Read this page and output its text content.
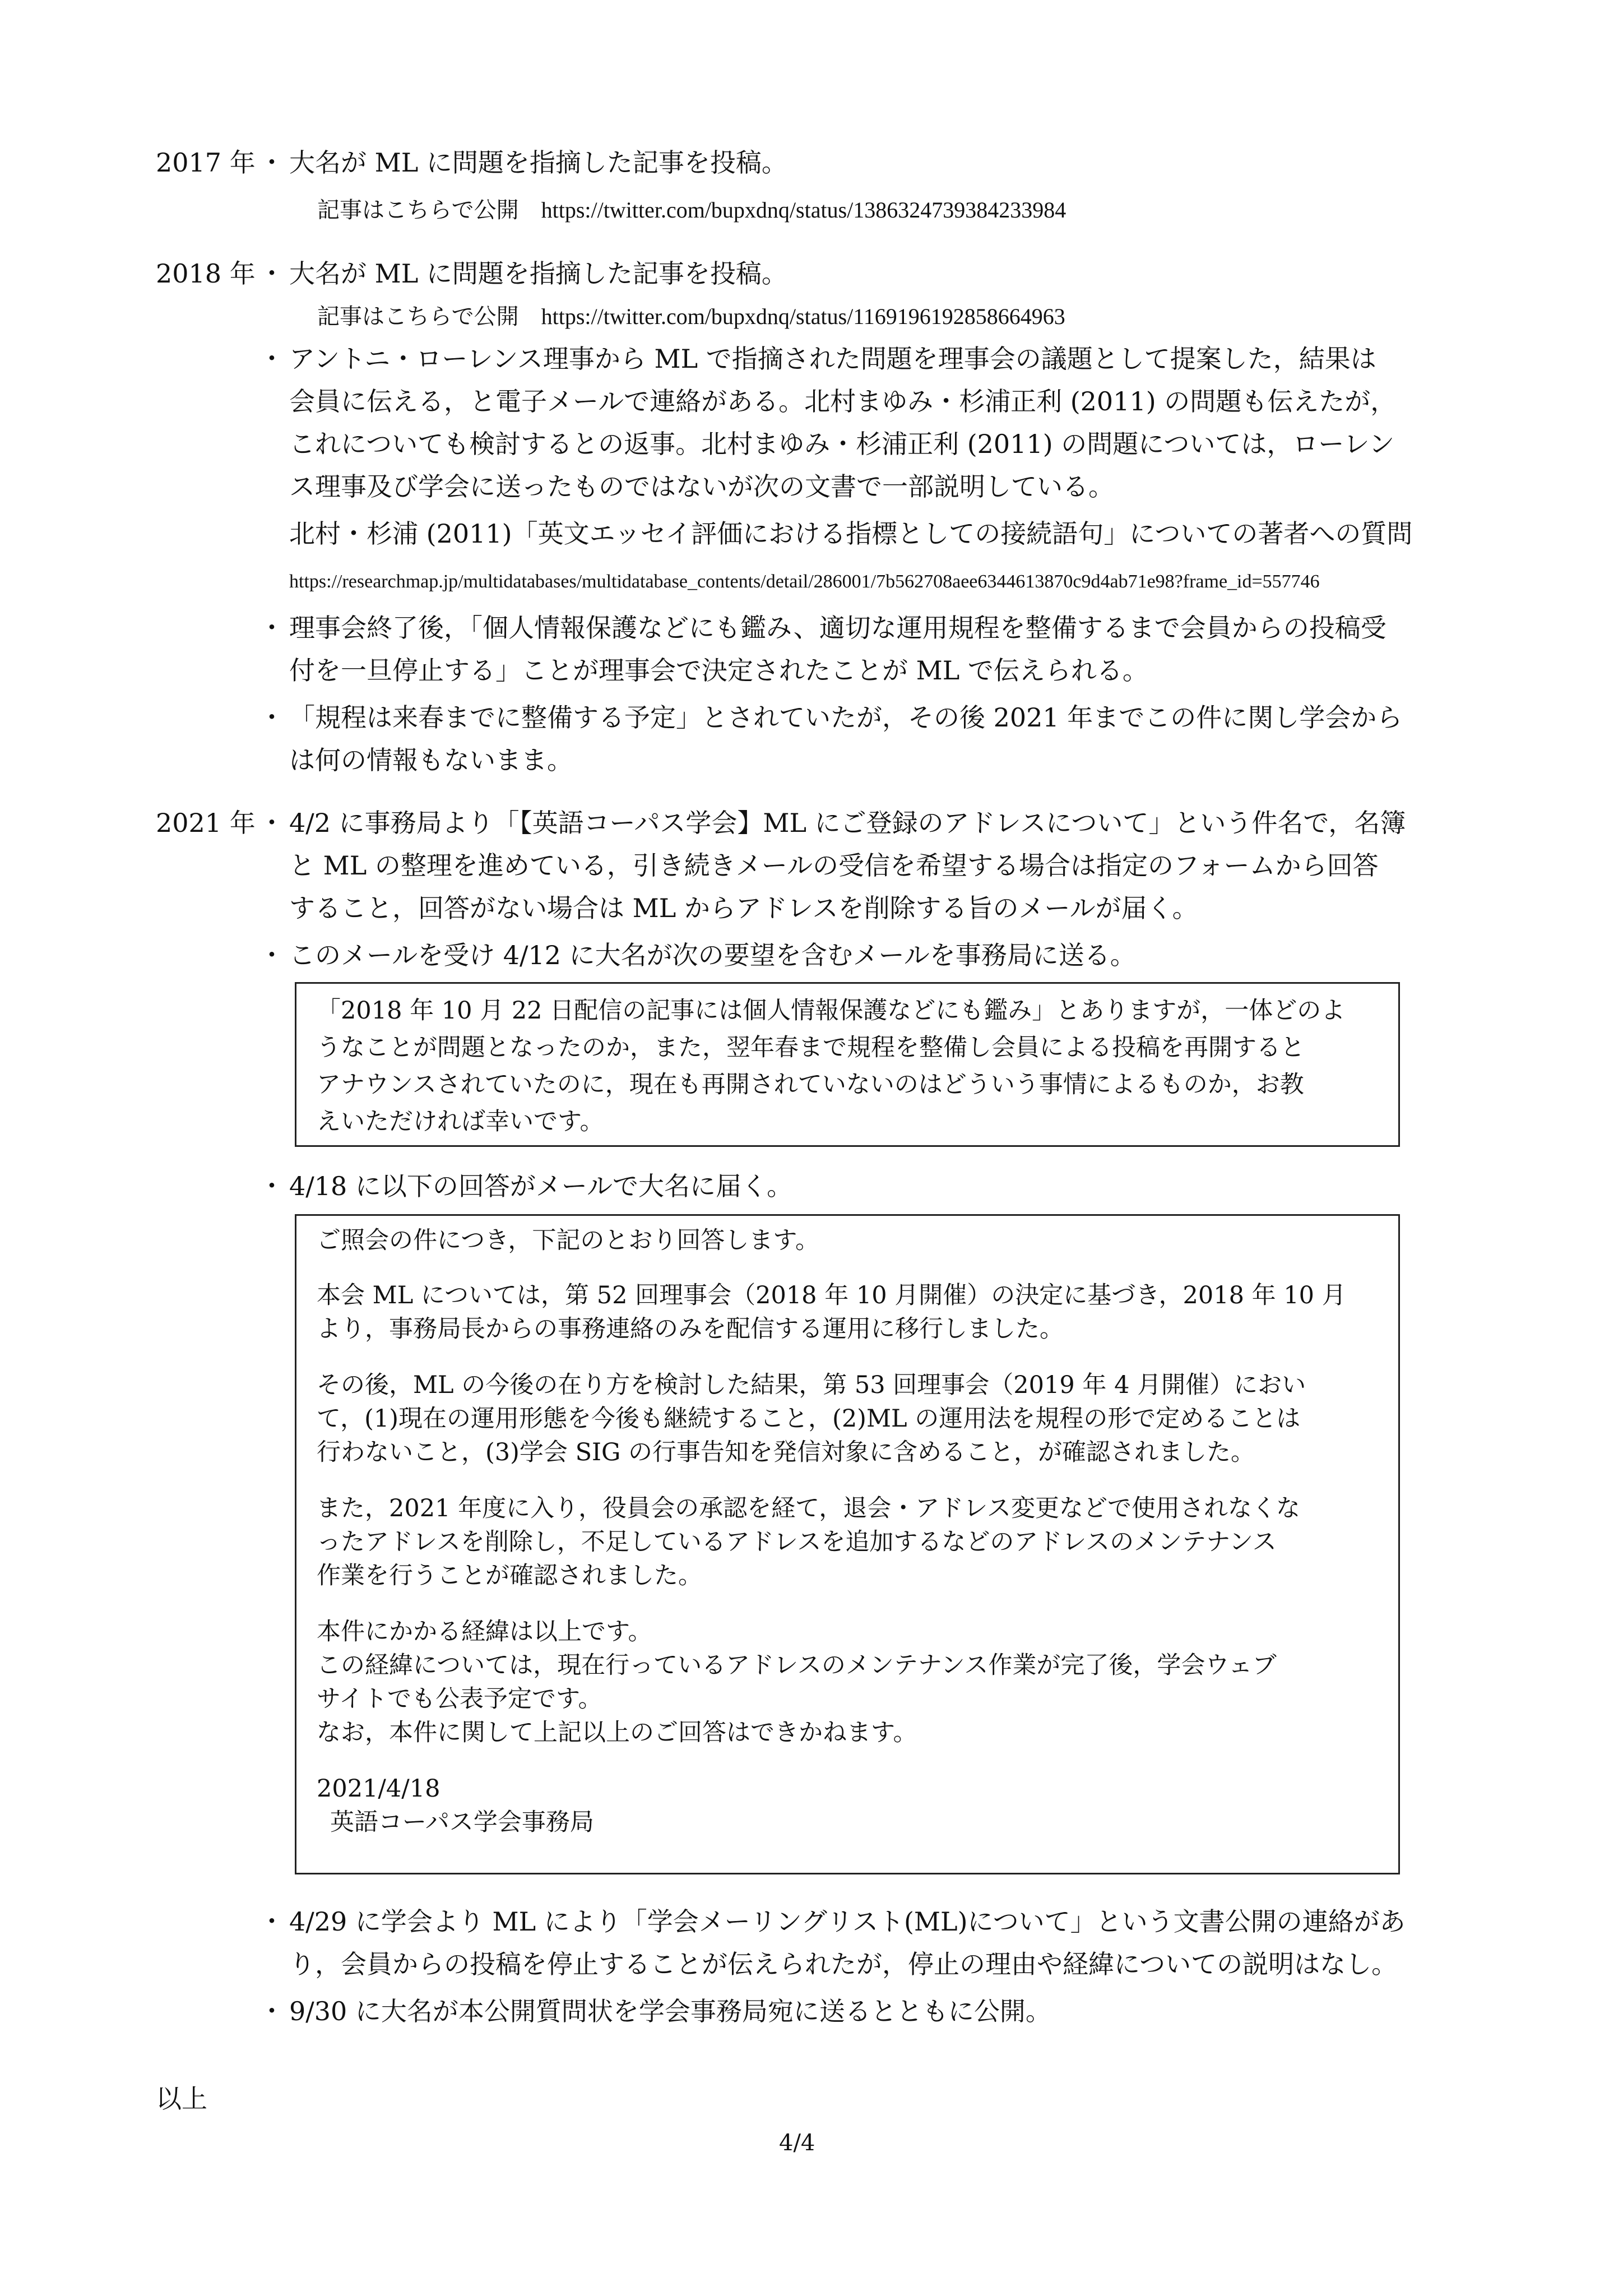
2017 年 ・ 大名が ML に問題を指摘した記事を投稿。
記事はこちらで公開　https://twitter.com/bupxdnq/status/1386324739384233984
2018 年 ・ 大名が ML に問題を指摘した記事を投稿。
記事はこちらで公開　https://twitter.com/bupxdnq/status/1169196192858664963
・ アントニ・ローレンス理事から ML で指摘された問題を理事会の議題として提案した，結果は
会員に伝える，と電子メールで連絡がある。北村まゆみ・杉浦正利 (2011) の問題も伝えたが，
これについても検討するとの返事。北村まゆみ・杉浦正利 (2011) の問題については，ローレン
ス理事及び学会に送ったものではないが次の文書で一部説明している。
北村・杉浦 (2011)「英文エッセイ評価における指標としての接続語句」についての著者への質問
https://researchmap.jp/multidatabases/multidatabase_contents/detail/286001/7b562708aee6344613870c9d4ab71e98?frame_id=557746
・ 理事会終了後，「個人情報保護などにも鑑み、適切な運用規程を整備するまで会員からの投稿受
付を一旦停止する」ことが理事会で決定されたことが ML で伝えられる。
・ 「規程は来春までに整備する予定」とされていたが，その後 2021 年までこの件に関し学会から
は何の情報もないまま。
2021 年 ・ 4/2 に事務局より「【英語コーパス学会】ML にご登録のアドレスについて」という件名で，名簿
と ML の整理を進めている，引き続きメールの受信を希望する場合は指定のフォームから回答
すること，回答がない場合は ML からアドレスを削除する旨のメールが届く。
・ このメールを受け 4/12 に大名が次の要望を含むメールを事務局に送る。
「2018 年 10 月 22 日配信の記事には個人情報保護などにも鑑み」とありますが，一体どのよ
うなことが問題となったのか，また，翌年春まで規程を整備し会員による投稿を再開すると
アナウンスされていたのに，現在も再開されていないのはどういう事情によるものか，お教
えいただければ幸いです。
・ 4/18 に以下の回答がメールで大名に届く。
ご照会の件につき，下記のとおり回答します。
本会 ML については，第 52 回理事会（2018 年 10 月開催）の決定に基づき，2018 年 10 月
より，事務局長からの事務連絡のみを配信する運用に移行しました。
その後，ML の今後の在り方を検討した結果，第 53 回理事会（2019 年 4 月開催）におい
て，(1)現在の運用形態を今後も継続すること，(2)ML の運用法を規程の形で定めることは
行わないこと，(3)学会 SIG の行事告知を発信対象に含めること，が確認されました。
また，2021 年度に入り，役員会の承認を経て，退会・アドレス変更などで使用されなくな
ったアドレスを削除し，不足しているアドレスを追加するなどのアドレスのメンテナンス
作業を行うことが確認されました。
本件にかかる経緯は以上です。
この経緯については，現在行っているアドレスのメンテナンス作業が完了後，学会ウェブ
サイトでも公表予定です。
なお，本件に関して上記以上のご回答はできかねます。
2021/4/18
英語コーパス学会事務局
・ 4/29 に学会より ML により「学会メーリングリスト(ML)について」という文書公開の連絡があ
り，会員からの投稿を停止することが伝えられたが，停止の理由や経緯についての説明はなし。
・ 9/30 に大名が本公開質問状を学会事務局宛に送るとともに公開。
以上
4/4
